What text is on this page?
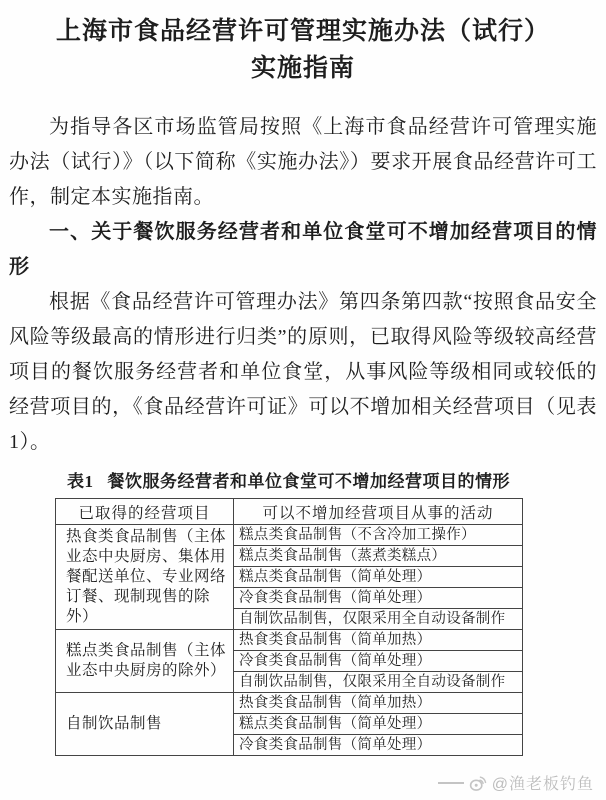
上海市食品经营许可管理实施办法（试行）
实施指南

为指导各区市场监管局按照《上海市食品经营许可管理实施办法（试行）》（以下简称《实施办法》）要求开展食品经营许可工作，制定本实施指南。

一、关于餐饮服务经营者和单位食堂可不增加经营项目的情形

根据《食品经营许可管理办法》第四条第四款“按照食品安全风险等级最高的情形进行归类”的原则，已取得风险等级较高经营项目的餐饮服务经营者和单位食堂，从事风险等级相同或较低的经营项目的，《食品经营许可证》可以不增加相关经营项目（见表1）。

表1 餐饮服务经营者和单位食堂可不增加经营项目的情形
已取得的经营项目	可以不增加经营项目从事的活动
热食类食品制售（主体业态中央厨房、集体用餐配送单位、专业网络订餐、现制现售的除外）	糕点类食品制售（不含冷加工操作）
	糕点类食品制售（蒸煮类糕点）
	糕点类食品制售（简单处理）
	冷食类食品制售（简单处理）
	自制饮品制售，仅限采用全自动设备制作
糕点类食品制售（主体业态中央厨房的除外）	热食类食品制售（简单加热）
	冷食类食品制售（简单处理）
	自制饮品制售，仅限采用全自动设备制作
自制饮品制售	热食类食品制售（简单加热）
	糕点类食品制售（简单处理）
	冷食类食品制售（简单处理）
@渔老板钓鱼
